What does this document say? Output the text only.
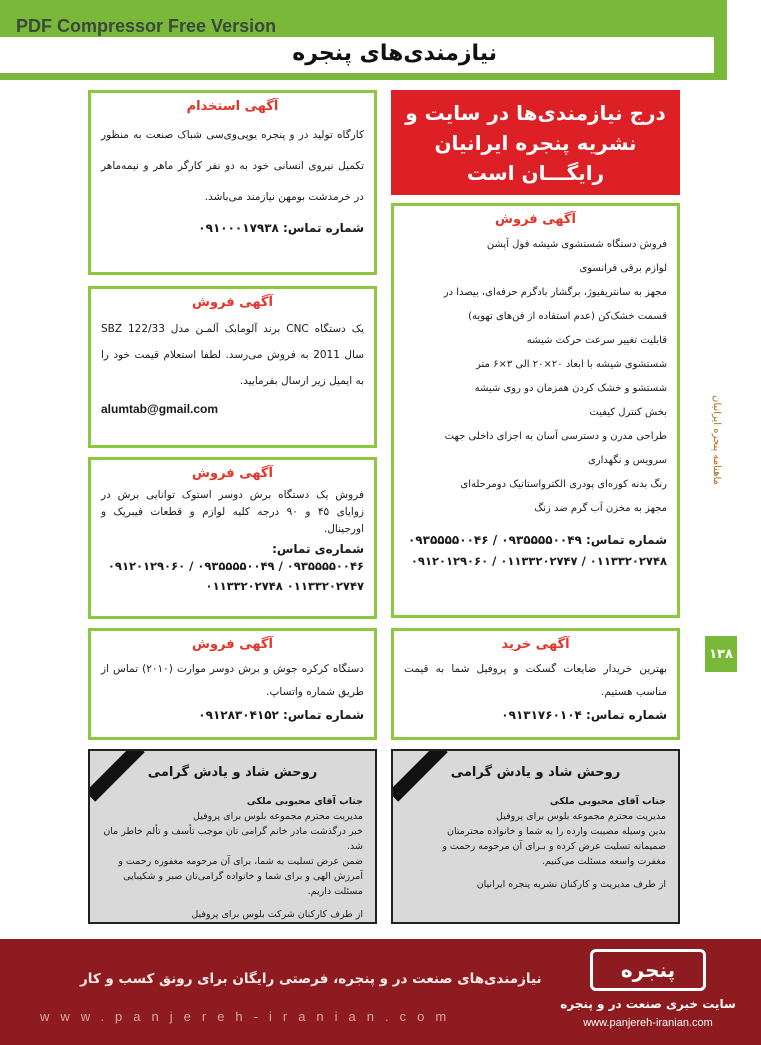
PDF Compressor Free Version
نیازمندی‌های پنجره
ماهنامه پنجره ایرانیان
۱۳۸
درج نیازمندی‌ها در سایت و نشریه پنجره ایرانیان رایگـــان است
آگهی فروش
فروش دستگاه شستشوی شیشه فول آپشن
لوازم برقی فرانسوی
مجهز به سانتریفیوژ، برگشار بادگرم حرفه‌ای، بیصدا در
قسمت خشک‌کن (عدم استفاده از فن‌های تهویه)
قابلیت تغییر سرعت حرکت شیشه
شستشوی شیشه با ابعاد ۲۰×۲۰ الی ۳×۶ متر
شستشو و خشک کردن همزمان دو روی شیشه
بخش کنترل کیفیت
طراحی مدرن و دسترسی آسان به اجزای داخلی جهت
سرویس و نگهداری
رنگ بدنه کوره‌ای پودری الکترواستاتیک دومرحله‌ای
مجهز به مخزن آب گرم ضد زنگ
شماره تماس: ۰۹۳۵۵۵۵۰۰۴۹ / ۰۹۳۵۵۵۵۰۰۴۶
۰۱۱۳۳۲۰۲۷۴۸ / ۰۱۱۳۳۲۰۲۷۴۷ / ۰۹۱۲۰۱۲۹۰۶۰
آگهی خرید
بهترین خریدار ضایعات گسکت و پروفیل شما به قیمت مناسب هستیم.
شماره تماس: ۰۹۱۳۱۷۶۰۱۰۴
روحش شاد و یادش گرامی
جناب آقای محبوبی ملکی
مدیریت محترم مجموعه بلوس برای پروفیل
بدین وسیله مصیبت وارده را به شما و خانواده محترمتان
صمیمانه تسلیت عرض کرده و بـرای آن مرحومه رحمت و
مغفرت واسعه مسئلت می‌کنیم.
از طرف مدیریت و کارکنان نشریه پنجره ایرانیان
آگهی استخدام
کارگاه تولید در و پنجره یوپی‌وی‌سی شباک صنعت به منظور تکمیل نیروی انسانی خود به دو نفر کارگر ماهر و نیمه‌ماهر در خرمدشت بومهن نیازمند می‌باشد.
شماره تماس: ۰۹۱۰۰۰۱۷۹۳۸
آگهی فروش
یک دستگاه CNC برند آلومابک آلمـن مدل SBZ 122/33 سال 2011 به فروش می‌رسد. لطفا استعلام قیمت خود را به ایمیل زیر ارسال بفرمایید.
alumtab@gmail.com
آگهی فروش
فروش یک دستگاه برش دوسر استوک توانایی برش در زوایای ۴۵ و ۹۰ درجه کلیه لوازم و قطعات فیبریک و اورجینال.
شماره‌ی تماس:
۰۹۳۵۵۵۵۰۰۴۶ / ۰۹۳۵۵۵۵۰۰۴۹ / ۰۹۱۲۰۱۲۹۰۶۰
۰۱۱۳۳۲۰۲۷۴۷ ۰۱۱۳۳۲۰۲۷۴۸
آگهی فروش
دستگاه کرکره جوش و برش دوسر موارت (۲۰۱۰) تماس از طریق شماره واتساپ.
شماره تماس: ۰۹۱۲۸۳۰۴۱۵۲
روحش شاد و یادش گرامی
جناب آقای محبوبی ملکی
مدیریت محترم مجموعه بلوس برای پروفیل
خبر درگذشت مادر خانم گرامی تان موجب تأسف و تألم خاطر مان شد.
ضمن عرض تسلیت به شما، برای آن مرحومه مغفوره رحمت و
آمرزش الهی و برای شما و خانواده گرامی‌تان صبر و شکیبایی
مسئلت داریم.
از طرف کارکنان شرکت بلوس برای پروفیل
نیازمندی‌های صنعت در و پنجره، فرصتی رایگان برای رونق کسب و کار
www.panjereh-iranian.com
پنجره
سایت خبری صنعت در و پنجره
www.panjereh-iranian.com
